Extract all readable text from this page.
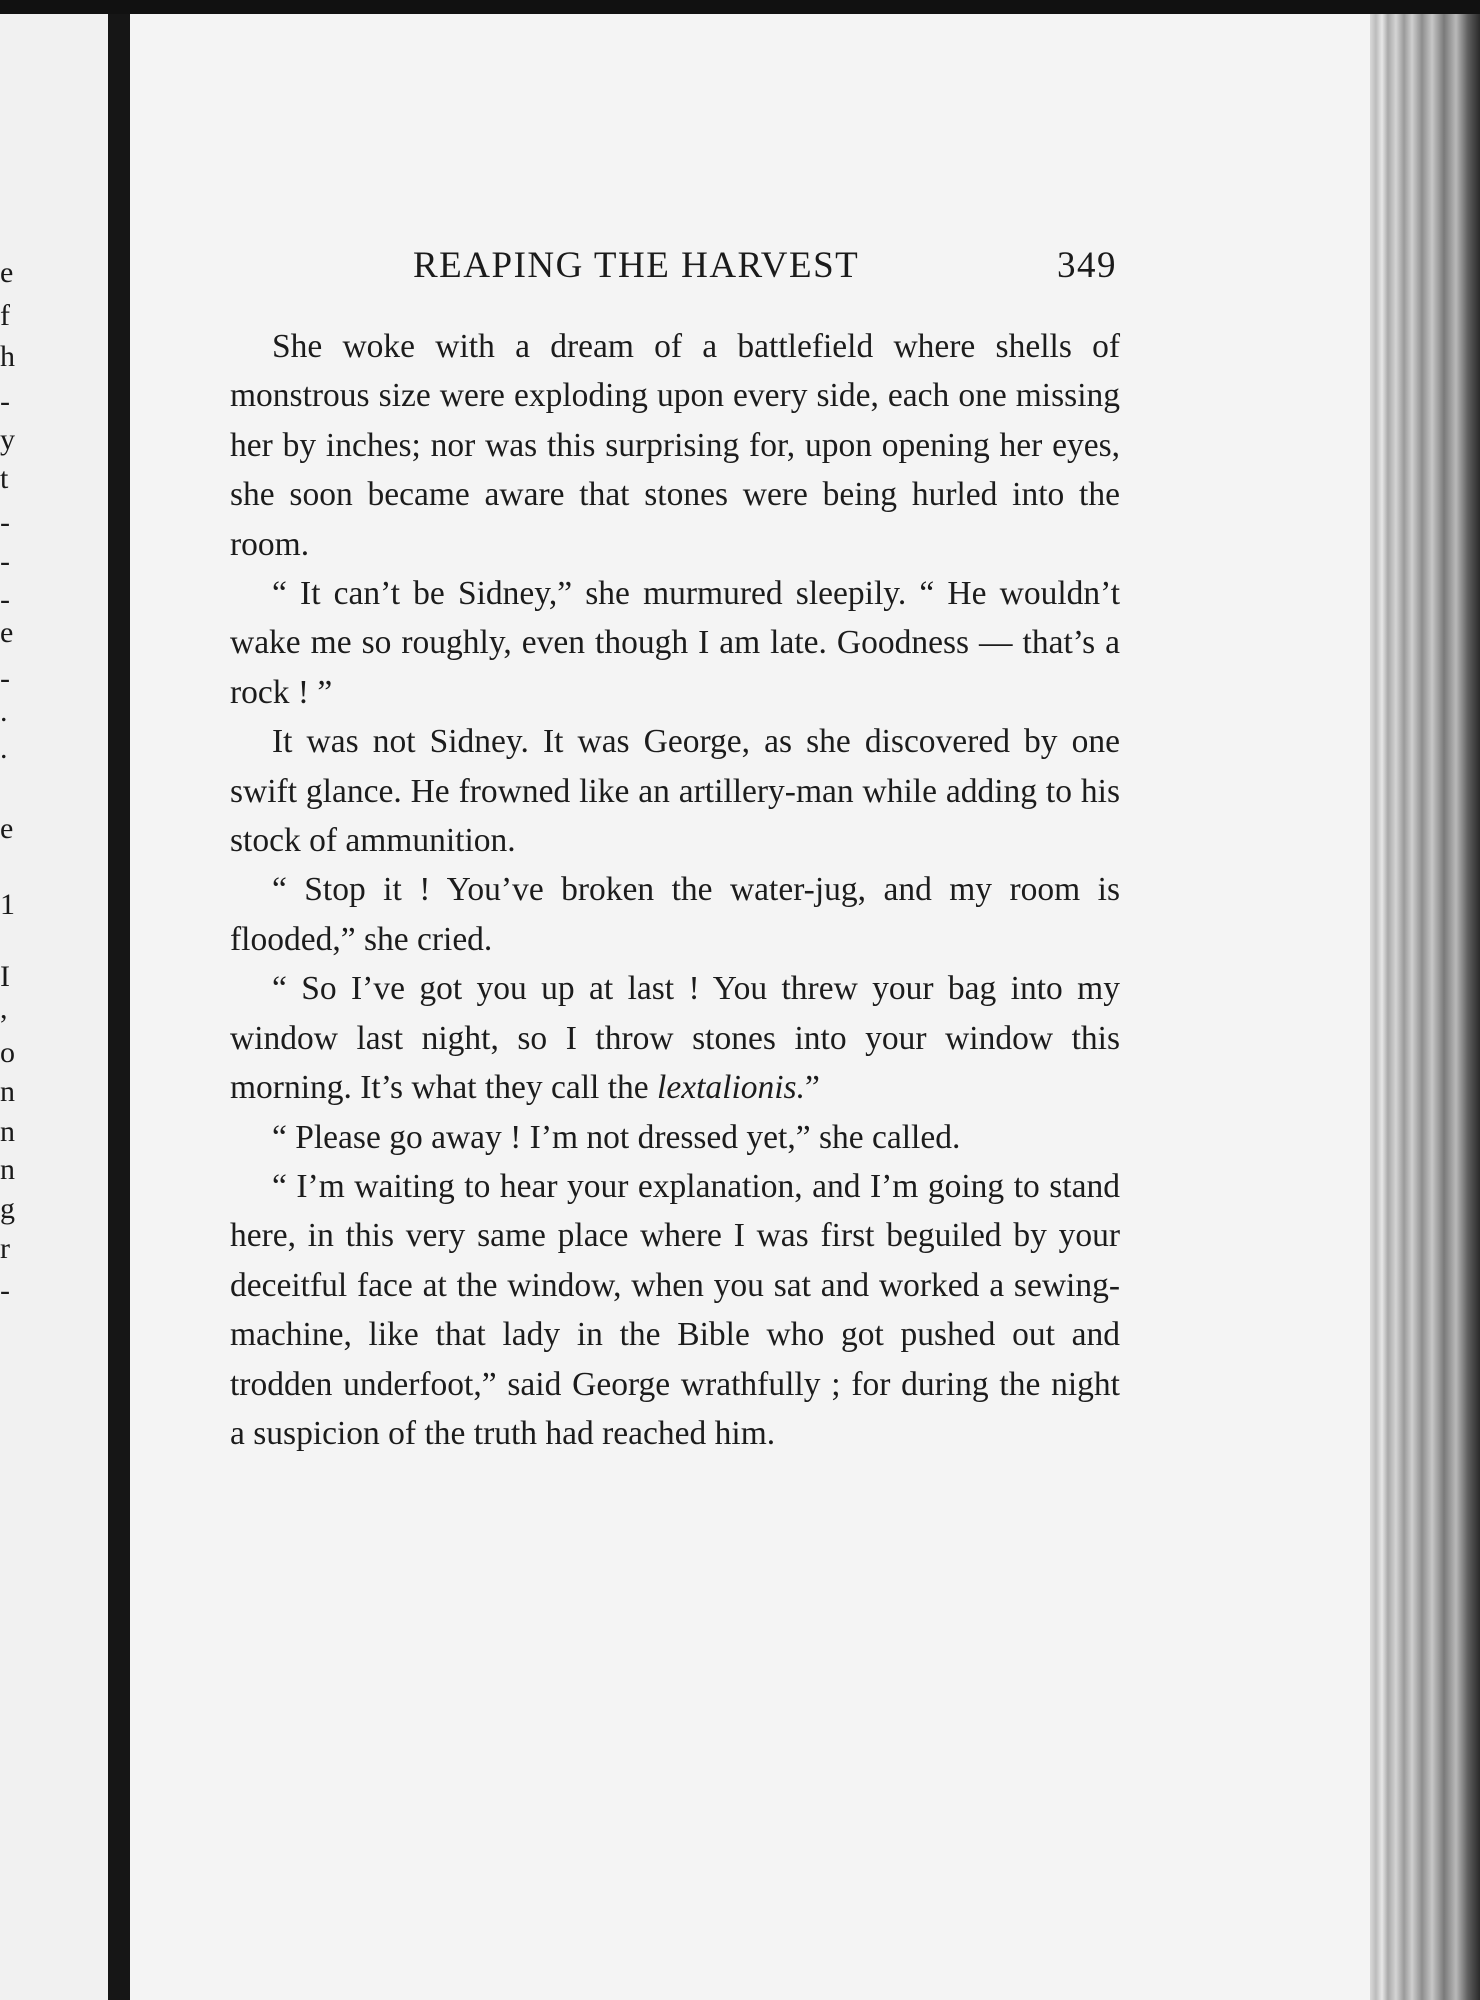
e
f
h
-
y
t
-
-
-
e
-
.
.
e
1
I
,
o
n
n
n
g
r
-
REAPING THE HARVEST	349

She woke with a dream of a battlefield where shells of monstrous size were exploding upon every side, each one missing her by inches; nor was this surprising for, upon opening her eyes, she soon became aware that stones were being hurled into the room.

“ It can’t be Sidney,” she murmured sleepily. “ He wouldn’t wake me so roughly, even though I am late. Goodness — that’s a rock ! ”

It was not Sidney. It was George, as she discovered by one swift glance. He frowned like an artillery-man while adding to his stock of ammunition.

“ Stop it ! You’ve broken the water-jug, and my room is flooded,” she cried.

“ So I’ve got you up at last ! You threw your bag into my window last night, so I throw stones into your window this morning. It’s what they call the lextalionis.”

“ Please go away ! I’m not dressed yet,” she called.

“ I’m waiting to hear your explanation, and I’m going to stand here, in this very same place where I was first beguiled by your deceitful face at the window, when you sat and worked a sewing-machine, like that lady in the Bible who got pushed out and trodden underfoot,” said George wrathfully ; for during the night a suspicion of the truth had reached him.
